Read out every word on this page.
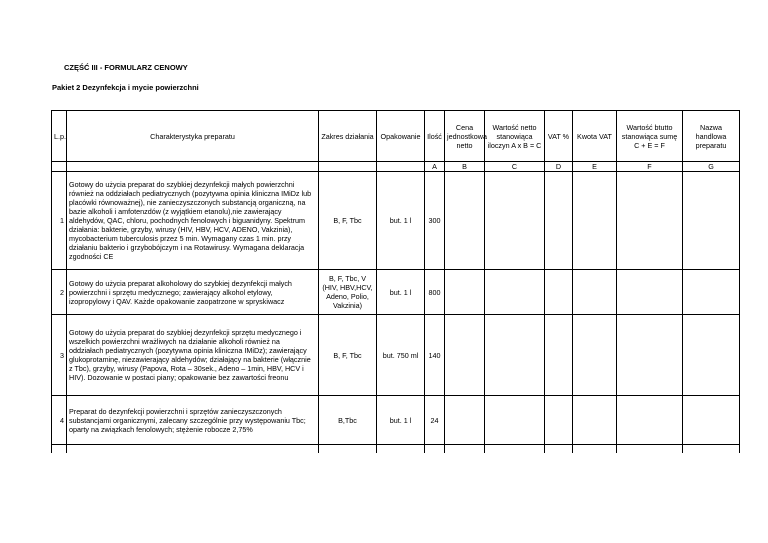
CZĘŚĆ III - FORMULARZ CENOWY
Pakiet 2 Dezynfekcja i mycie powierzchni
L.p.	Charakterystyka preparatu	Zakres działania	Opakowanie	Ilość	Cena jednostkowa netto	Wartość netto stanowiąca iloczyn A x B = C	VAT %	Kwota VAT	Wartość btutto stanowiąca sumę C + E = F	Nazwa handlowa preparatu
				A	B	C	D	E	F	G
1	Gotowy do użycia preparat do szybkiej dezynfekcji małych powierzchni również na oddziałach pediatrycznych (pozytywna opinia kliniczna IMiDz lub placówki równoważnej), nie zanieczyszczonych substancją organiczną, na bazie alkoholi i amfotenzdów (z wyjątkiem etanolu),nie zawierający aldehydów, QAC, chloru, pochodnych fenolowych i biguanidyny. Spektrum działania: bakterie, grzyby, wirusy (HIV, HBV, HCV, ADENO, Vakzinia), mycobacterium tuberculosis przez 5 min. Wymagany czas 1 min. przy działaniu bakterio i grzybobójczym i na Rotawirusy. Wymagana deklaracja zgodności CE	B, F, Tbc	but. 1 l	300						
2	Gotowy do użycia preparat alkoholowy do szybkiej dezynfekcji małych powierzchni i sprzętu medycznego; zawierający alkohol etylowy, izopropylowy i QAV. Każde opakowanie zaopatrzone w spryskiwacz	B, F, Tbc, V (HIV, HBV,HCV, Adeno, Polio, Vakzinia)	but. 1 l	800						
3	Gotowy do użycia preparat do szybkiej dezynfekcji sprzętu medycznego i wszelkich powierzchni wrażliwych na działanie alkoholi również na oddziałach pediatrycznych (pozytywna opinia kliniczna IMiDz); zawierający glukoprotaminę, niezawierający aldehydów; działający na bakterie (włącznie z Tbc), grzyby, wirusy (Papova, Rota – 30sek., Adeno – 1min, HBV, HCV i HIV). Dozowanie w postaci piany; opakowanie bez zawartości freonu	B, F, Tbc	but. 750 ml	140						
4	Preparat do dezynfekcji powierzchni i sprzętów zanieczyszczonych substancjami organicznymi, zalecany szczególnie przy występowaniu Tbc; oparty na związkach fenolowych; stężenie robocze 2,75%	B,Tbc	but. 1 l	24						
